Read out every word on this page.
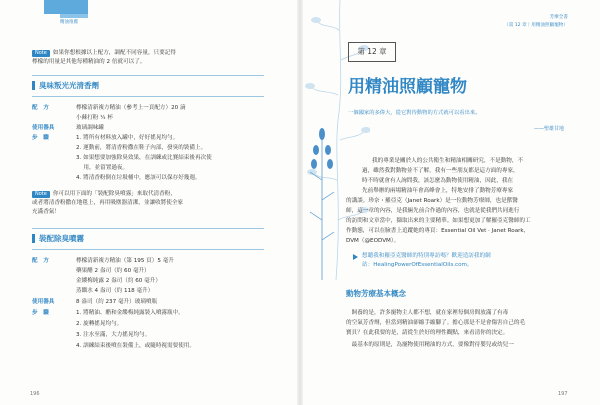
精油推薦
Note 如果你想根據以上配方，調配不同容量，只要記得
檸檬的用量是其他每種精油的 2 倍就可以了。
臭味叛光光清香劑
配　方	檸檬清新複方精油（參考上一頁配方）20 滴
小蘇打粉 ¼ 杯
使用器具	玻璃調味罐
步　驟	1. 將所有材料放入罐中，好好搖晃均勻。
2. 運動前，將清香粉撒在鞋子內部，發臭的裝備上。
3. 如果想要加強除臭效果，在訓練或比賽結束後再次使
　 用，並留置過夜。
4. 將清香粉倒在垃圾桶中，應該可以保存好幾週。
Note 你可以用下面的「裝配除臭噴霧」來取代清香粉，
或者將清香粉撒在地毯上，再用吸塵器清潔，並讓收將使全家
充滿香氣！
裝配除臭噴霧
配　方	檸檬清新複方精油（第 195 頁）5 毫升
藥果醋 2 盎司（約 60 毫升）
金縷梅純露 2 盎司（約 60 毫升）
蒸餾水 4 盎司（約 118 毫升）
使用器具	8 盎司（約 237 毫升）玻璃噴瓶
步　驟	1. 將精油、醋和金縷梅純露裝入噴霧瓶中。
2. 旋轉搖晃均勻。
3. 注水至滿，大力搖晃均勻。
4. 訓練結束後噴在裝備上，或隨時視需要使用。
196
芳療全書
（第 12 章｜用精油照顧寵物）
第 12 章
用精油照顧寵物
一個國家的多偉大，從它對待動物的方式就可以看出來。
——聖雄甘地
我的專業是關於人的公共衛生和精油相關研究，不是動物，不
過，雖然我對動物並不了解，我有一些朋友都是這方面的專家，
時不時就會有人詢問我，該怎麼為動物使用精油，因此，我在
先前舉辦的兩場精油年會高峰會上，特地安排了動物芳療專家
的講談。珍奈・羅亞克（Janet Roark）是一位動物芳療師，也是獸醫
師，這一章的內容，是我倆先前合作過的內容，也就是從我們共同進行
的訪問和文章當中，擷取出來的主要精華。如果想更加了解羅亞克醫師的工
作動態，可以在臉書上追蹤她的專頁：Essential Oil Vet · Janet Roark,
DVM（@EODVM）。
想聽我和羅亞克醫師的特別專訪嗎？歡迎造訪我的網
站：HealingPowerOfEssentialOils.com。
動物芳療基本概念
　飼養的是，許多寵物主人都不想，就在家裡每個房間放滿了有毒
的空氣芳香劑，但當到精油卻縮手縮腳了。擔心那是不是會傷害自己的毛
寶貝？在此我要的是，請從生於好的理性觀點，來看清你的決定。
　最基本的原則是，為寵物使用精油的方式，要像對待嬰兒或幼兒一
197
